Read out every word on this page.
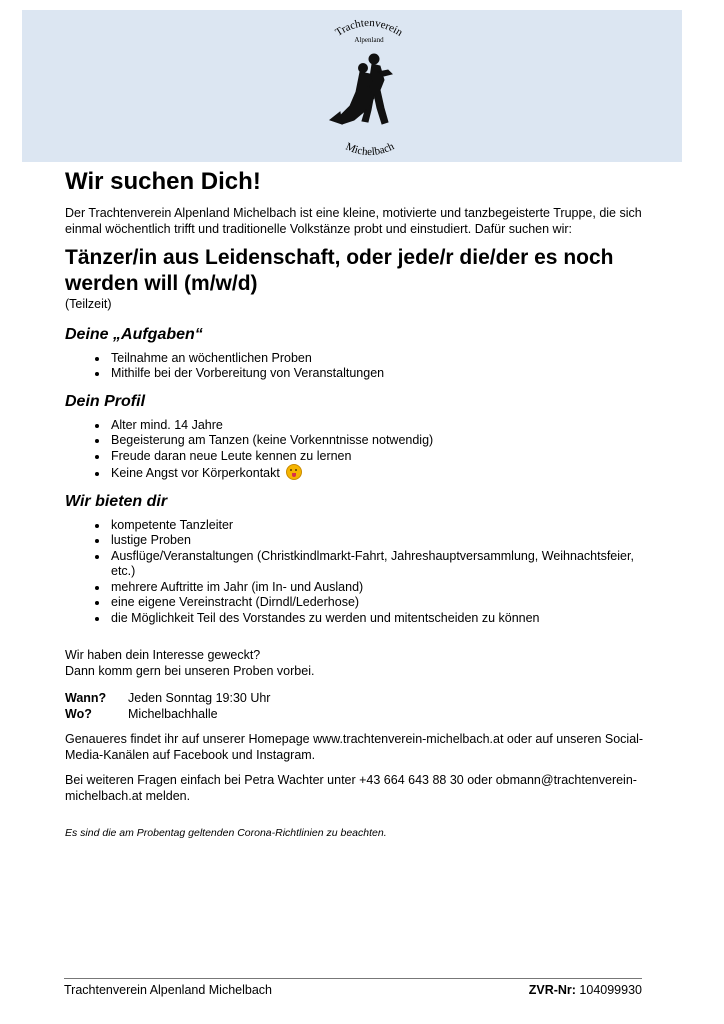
Trachtenverein
Alpenland
Michelbach
Wir suchen Dich!

Der Trachtenverein Alpenland Michelbach ist eine kleine, motivierte und tanzbegeisterte Truppe, die sich einmal wöchentlich trifft und traditionelle Volkstänze probt und einstudiert. Dafür suchen wir:

Tänzer/in aus Leidenschaft, oder jede/r die/der es noch werden will (m/w/d)

(Teilzeit)

Deine „Aufgaben“
• Teilnahme an wöchentlichen Proben
• Mithilfe bei der Vorbereitung von Veranstaltungen
Dein Profil
• Alter mind. 14 Jahre
• Begeisterung am Tanzen (keine Vorkenntnisse notwendig)
• Freude daran neue Leute kennen zu lernen
• Keine Angst vor Körperkontakt
Wir bieten dir
• kompetente Tanzleiter
• lustige Proben
• Ausflüge/Veranstaltungen (Christkindlmarkt-Fahrt, Jahreshauptversammlung, Weihnachtsfeier, etc.)
• mehrere Auftritte im Jahr (im In- und Ausland)
• eine eigene Vereinstracht (Dirndl/Lederhose)
• die Möglichkeit Teil des Vorstandes zu werden und mitentscheiden zu können

Wir haben dein Interesse geweckt?

Dann komm gern bei unseren Proben vorbei.

Wann?	Jeden Sonntag 19:30 Uhr
Wo?	Michelbachhalle

Genaueres findet ihr auf unserer Homepage www.trachtenverein-michelbach.at oder auf unseren Social-Media-Kanälen auf Facebook und Instagram.

Bei weiteren Fragen einfach bei Petra Wachter unter +43 664 643 88 30 oder obmann@trachtenverein-michelbach.at melden.

Es sind die am Probentag geltenden Corona-Richtlinien zu beachten.

Trachtenverein Alpenland Michelbach	ZVR-Nr: 104099930
